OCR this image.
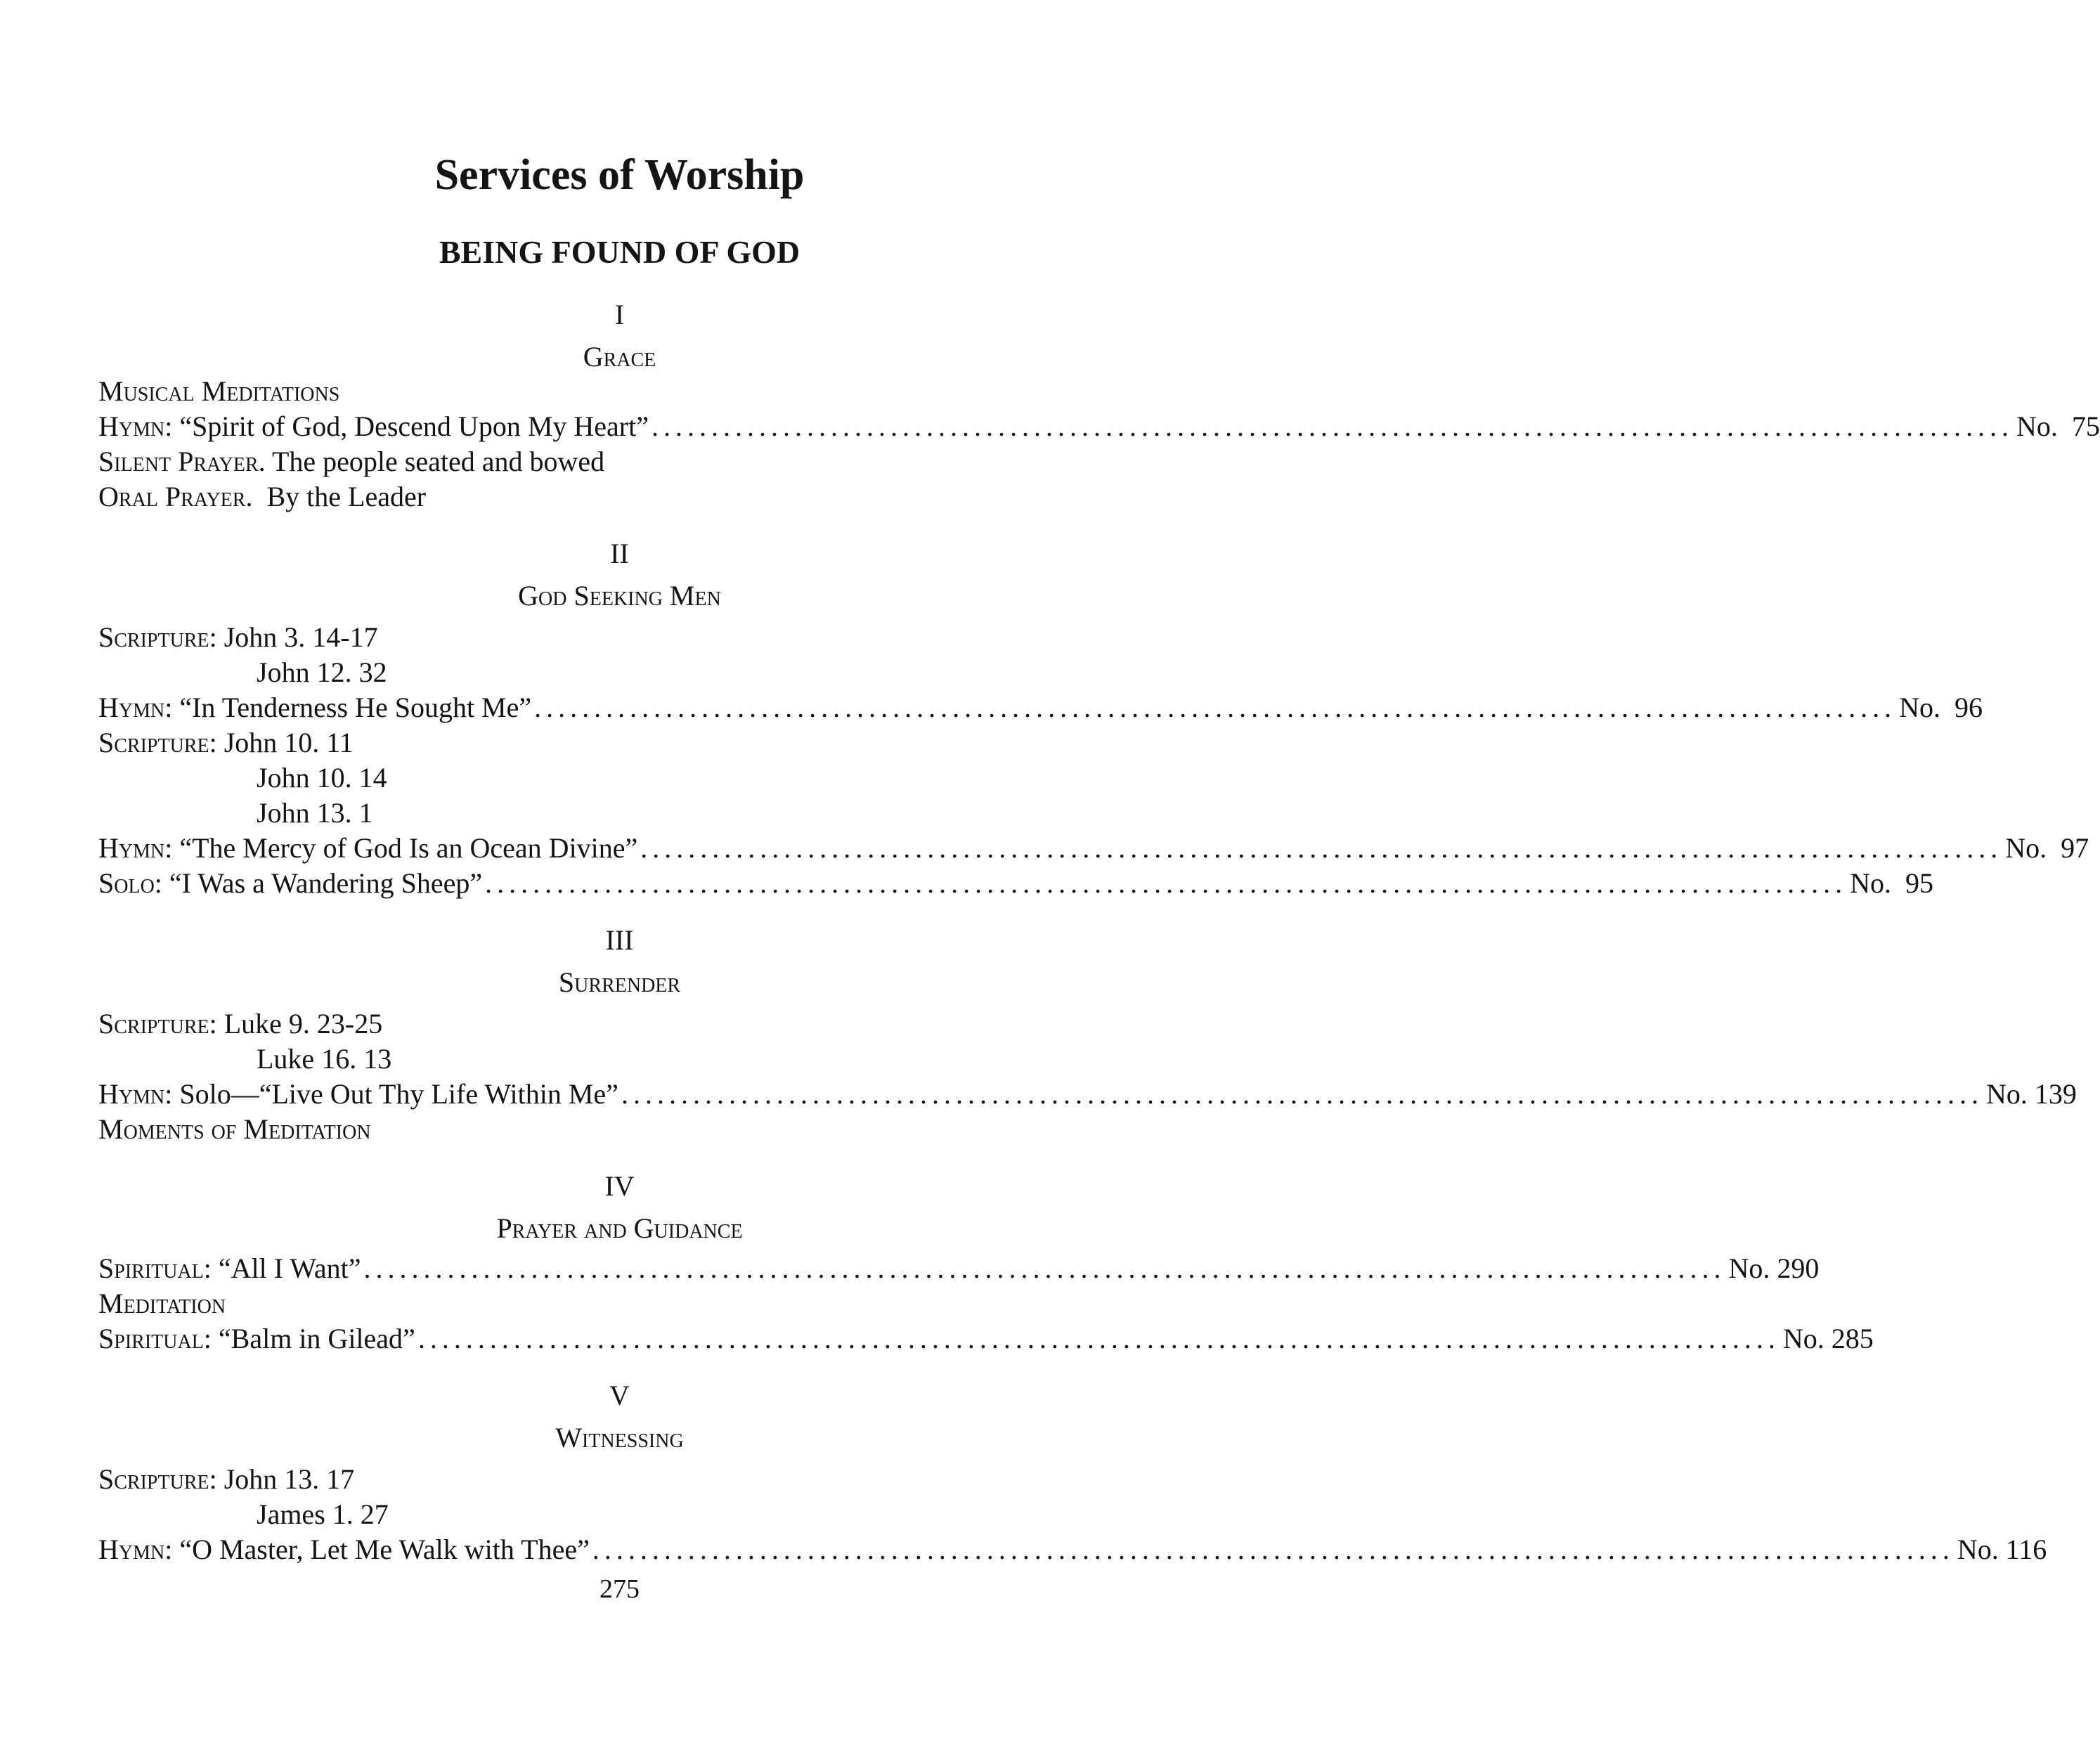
Services of Worship
BEING FOUND OF GOD
I
Grace
Musical Meditations
Hymn: “Spirit of God, Descend Upon My Heart” .................................................................................................................. No.  75
Silent Prayer. The people seated and bowed
Oral Prayer. By the Leader
II
God Seeking Men
Scripture: John 3. 14-17
John 12. 32
Hymn: “In Tenderness He Sought Me” .................................................................................................................. No.  96
Scripture: John 10. 11
John 10. 14
John 13. 1
Hymn: “The Mercy of God Is an Ocean Divine” .................................................................................................................. No.  97
Solo: “I Was a Wandering Sheep” .................................................................................................................. No.  95
III
Surrender
Scripture: Luke 9. 23-25
Luke 16. 13
Hymn: Solo—“Live Out Thy Life Within Me” .................................................................................................................. No. 139
Moments of Meditation
IV
Prayer and Guidance
Spiritual: “All I Want” .................................................................................................................. No. 290
Meditation
Spiritual: “Balm in Gilead” .................................................................................................................. No. 285
V
Witnessing
Scripture: John 13. 17
James 1. 27
Hymn: “O Master, Let Me Walk with Thee” .................................................................................................................. No. 116
275
